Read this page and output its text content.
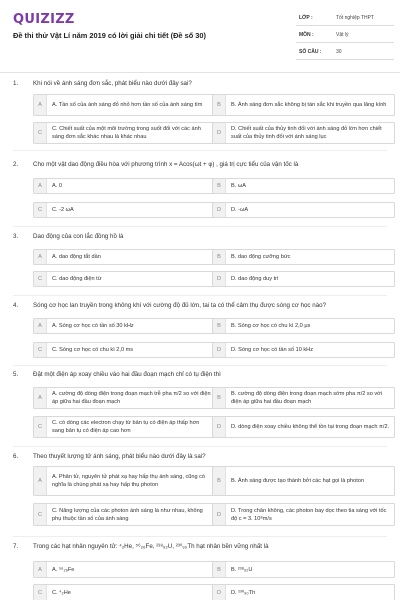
QUIZIZZ
Đề thi thử Vật Lí năm 2019 có lời giải chi tiết (Đề số 30)
LỚP :	Tốt nghiệp THPT
MÔN :	Vật lý
SỐ CÂU :	30
1. Khi nói về ánh sáng đơn sắc, phát biểu nào dưới đây sai?
A	A. Tần số của ánh sáng đỏ nhỏ hơn tần số của ánh sáng tím	B	B. Ánh sáng đơn sắc không bị tán sắc khi truyền qua lăng kính
C
C. Chiết suất của một môi trường trong suốt đối với các ánh sáng đơn sắc khác nhau là khác nhau
D
D. Chiết suất của thủy tinh đối với ánh sáng đỏ lớn hơn chiết suất của thủy tinh đối với ánh sáng lục
2. Cho một vật dao động điều hòa với phương trình x = Acos(ωt + φ) , giá trị cực tiểu của vận tốc là
A	A. 0	B	B. ωA
C	C. -2 ωA	D	D. -ωA
3. Dao động của con lắc đồng hồ là
A	A. dao động tắt dần	B	B. dao động cưỡng bức
C	C. dao động điện từ	D	D. dao động duy trì
4. Sóng cơ học lan truyền trong không khí với cường độ đủ lớn, tai ta có thể cảm thụ được sóng cơ học nào?
A	A. Sóng cơ học có tần số 30 kHz	B	B. Sóng cơ học có chu kì 2,0 μs
C	C. Sóng cơ học có chu kì 2,0 ms	D	D. Sóng cơ học có tần số 10 kHz
5. Đặt một điện áp xoay chiều vào hai đầu đoạn mạch chỉ có tụ điện thì
A
A. cường độ dòng điện trong đoạn mạch trễ pha π/2 so với điện áp giữa hai đầu đoạn mạch
B
B. cường độ dòng điện trong đoạn mạch sớm pha π/2 so với điện áp giữa hai đầu đoạn mạch
C
C. có dòng các electron chạy từ bản tụ có điện áp thấp hơn sang bản tụ có điện áp cao hơn
D	D. dòng điện xoay chiều không thể tồn tại trong đoạn mạch π/2.
6. Theo thuyết lượng tử ánh sáng, phát biểu nào dưới đây là sai?
A
A. Phân tử, nguyên tử phát xạ hay hấp thụ ánh sáng, cũng có nghĩa là chúng phát xạ hay hấp thụ photon
B	B. Ánh sáng được tạo thành bởi các hạt gọi là photon
C
C. Năng lượng của các photon ánh sáng là như nhau, không phụ thuộc tần số của ánh sáng
D
D. Trong chân không, các photon bay dọc theo tia sáng với tốc độ c = 3. 10⁸m/s
7. Trong các hạt nhân nguyên tử: ⁴₂He, ⁵⁶₂₆Fe, ²³⁸₉₂U, ²³⁰₉₀Th hạt nhân bền vững nhất là
A	A. ⁵⁶₂₆Fe	B	B. ²³⁸₉₂U
C	C. ⁴₂He	D	D. ²³⁰₉₀Th
